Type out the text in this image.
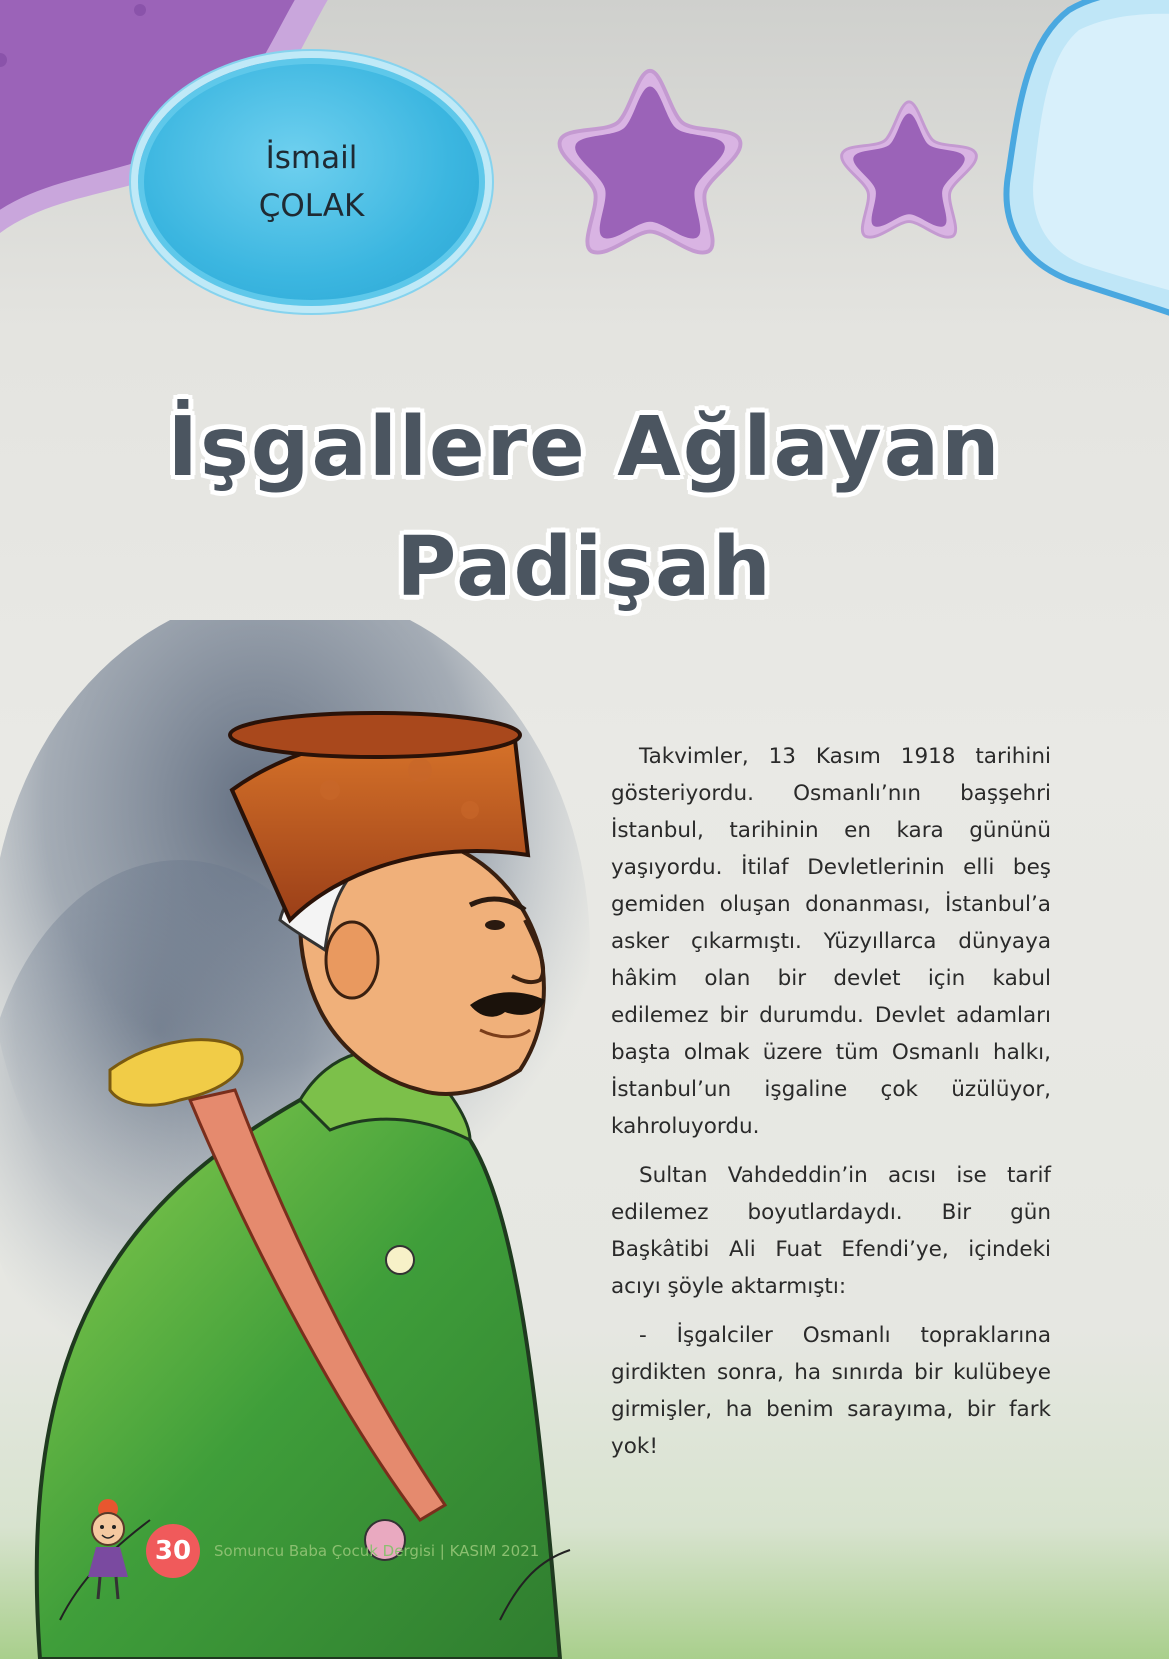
İsmail
ÇOLAK
İşgallere Ağlayan
Padişah

Takvimler, 13 Kasım 1918 tarihini gösteriyordu. Osmanlı’nın başşehri İstanbul, tarihinin en kara gününü yaşıyordu. İtilaf Devletlerinin elli beş gemiden oluşan donanması, İstanbul’a asker çıkarmıştı. Yüzyıllarca dünyaya hâkim olan bir devlet için kabul edilemez bir durumdu. Devlet adamları başta olmak üzere tüm Osmanlı halkı, İstanbul’un işgaline çok üzülüyor, kahroluyordu.

Sultan Vahdeddin’in acısı ise tarif edilemez boyutlardaydı. Bir gün Başkâtibi Ali Fuat Efendi’ye, içindeki acıyı şöyle aktarmıştı:

- İşgalciler Osmanlı topraklarına girdikten sonra, ha sınırda bir kulübeye girmişler, ha benim sarayıma, bir fark yok!

30	Somuncu Baba Çocuk Dergisi | KASIM 2021
